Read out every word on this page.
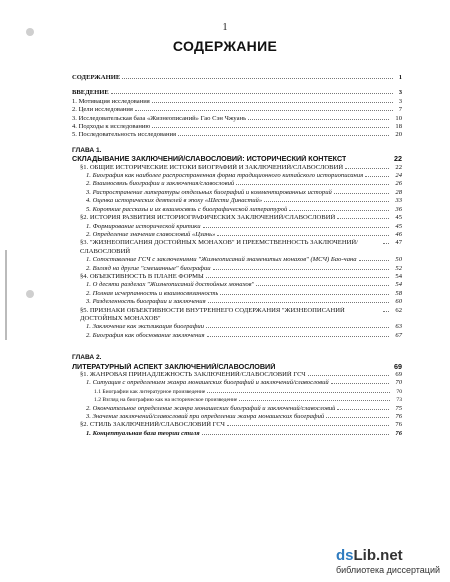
1
СОДЕРЖАНИЕ
СОДЕРЖАНИЕ	1
ВВЕДЕНИЕ	3
1. Мотивация исследования	3
2. Цели исследования	7
3. Исследовательская база «Жизнеописаний» Гао Сэн Чжуань	10
4. Подходы к исследованию	18
5. Последовательность исследования	20
ГЛАВА 1.
СКЛАДЫВАНИЕ ЗАКЛЮЧЕНИЙ/СЛАВОСЛОВИЙ: ИСТОРИЧЕСКИЙ КОНТЕКСТ	22
§1. ОБЩИЕ ИСТОРИЧЕСКИЕ ИСТОКИ БИОГРАФИЙ И ЗАКЛЮЧЕНИЙ/СЛАВОСЛОВИЙ	22
1. Биография как наиболее распространенная форма традиционного китайского историописания	24
2. Взаимосвязь биографии и заключения/славословий	26
3. Распространение литературы отдельных биографий и комментированных историй	28
4. Оценка исторических деятелей в эпоху «Шести Династий»	33
5. Короткие рассказы и их взаимосвязь с биографической литературой	36
§2. ИСТОРИЯ РАЗВИТИЯ ИСТОРИОГРАФИЧЕСКИХ ЗАКЛЮЧЕНИЙ/СЛАВОСЛОВИЙ	45
1. Формирование исторической критики	45
2. Определение значения славословий «Цзань»	46
§3. "ЖИЗНЕОПИСАНИЯ ДОСТОЙНЫХ МОНАХОВ" И ПРЕЕМСТВЕННОСТЬ ЗАКЛЮЧЕНИЙ/СЛАВОСЛОВИЙ
47
1. Сопоставление ГСЧ с заключениями "Жизнеописаний знаменитых монахов" (МСЧ) Бао-чана	50
2. Взгляд на другие "смешанные" биографии	52
§4. ОБЪЕКТИВНОСТЬ В ПЛАНЕ ФОРМЫ	54
1. О десяти разделах "Жизнеописаний достойных монахов"	54
2. Полная исчерпанность и взаимосвязанность	58
3. Разделенность биографии и заключения	60
§5. ПРИЗНАКИ ОБЪЕКТИВНОСТИ ВНУТРЕННЕГО СОДЕРЖАНИЯ "ЖИЗНЕОПИСАНИЙ ДОСТОЙНЫХ МОНАХОВ"
62
1. Заключение как экспликация биографии	63
2. Биография как обоснование заключения	67
ГЛАВА 2.
ЛИТЕРАТУРНЫЙ АСПЕКТ ЗАКЛЮЧЕНИЙ/СЛАВОСЛОВИЙ	69
§1. ЖАНРОВАЯ ПРИНАДЛЕЖНОСТЬ ЗАКЛЮЧЕНИЙ/СЛАВОСЛОВИЙ ГСЧ	69
1. Ситуация с определением жанра монашеских биографий и заключений/славословий	70
1.1 Биографии как литературное произведение	70
1.2 Взгляд на биографию как на историческое произведение	73
2. Окончательное определение жанра монашеских биографий и заключений/славословий	75
3. Значение заключений/славословий при определении жанра монашеских биографий	76
§2. СТИЛЬ ЗАКЛЮЧЕНИЙ/СЛАВОСЛОВИЙ ГСЧ	76
1. Концептуальная база теории стиля	76
dsLib.net
библиотека диссертаций
